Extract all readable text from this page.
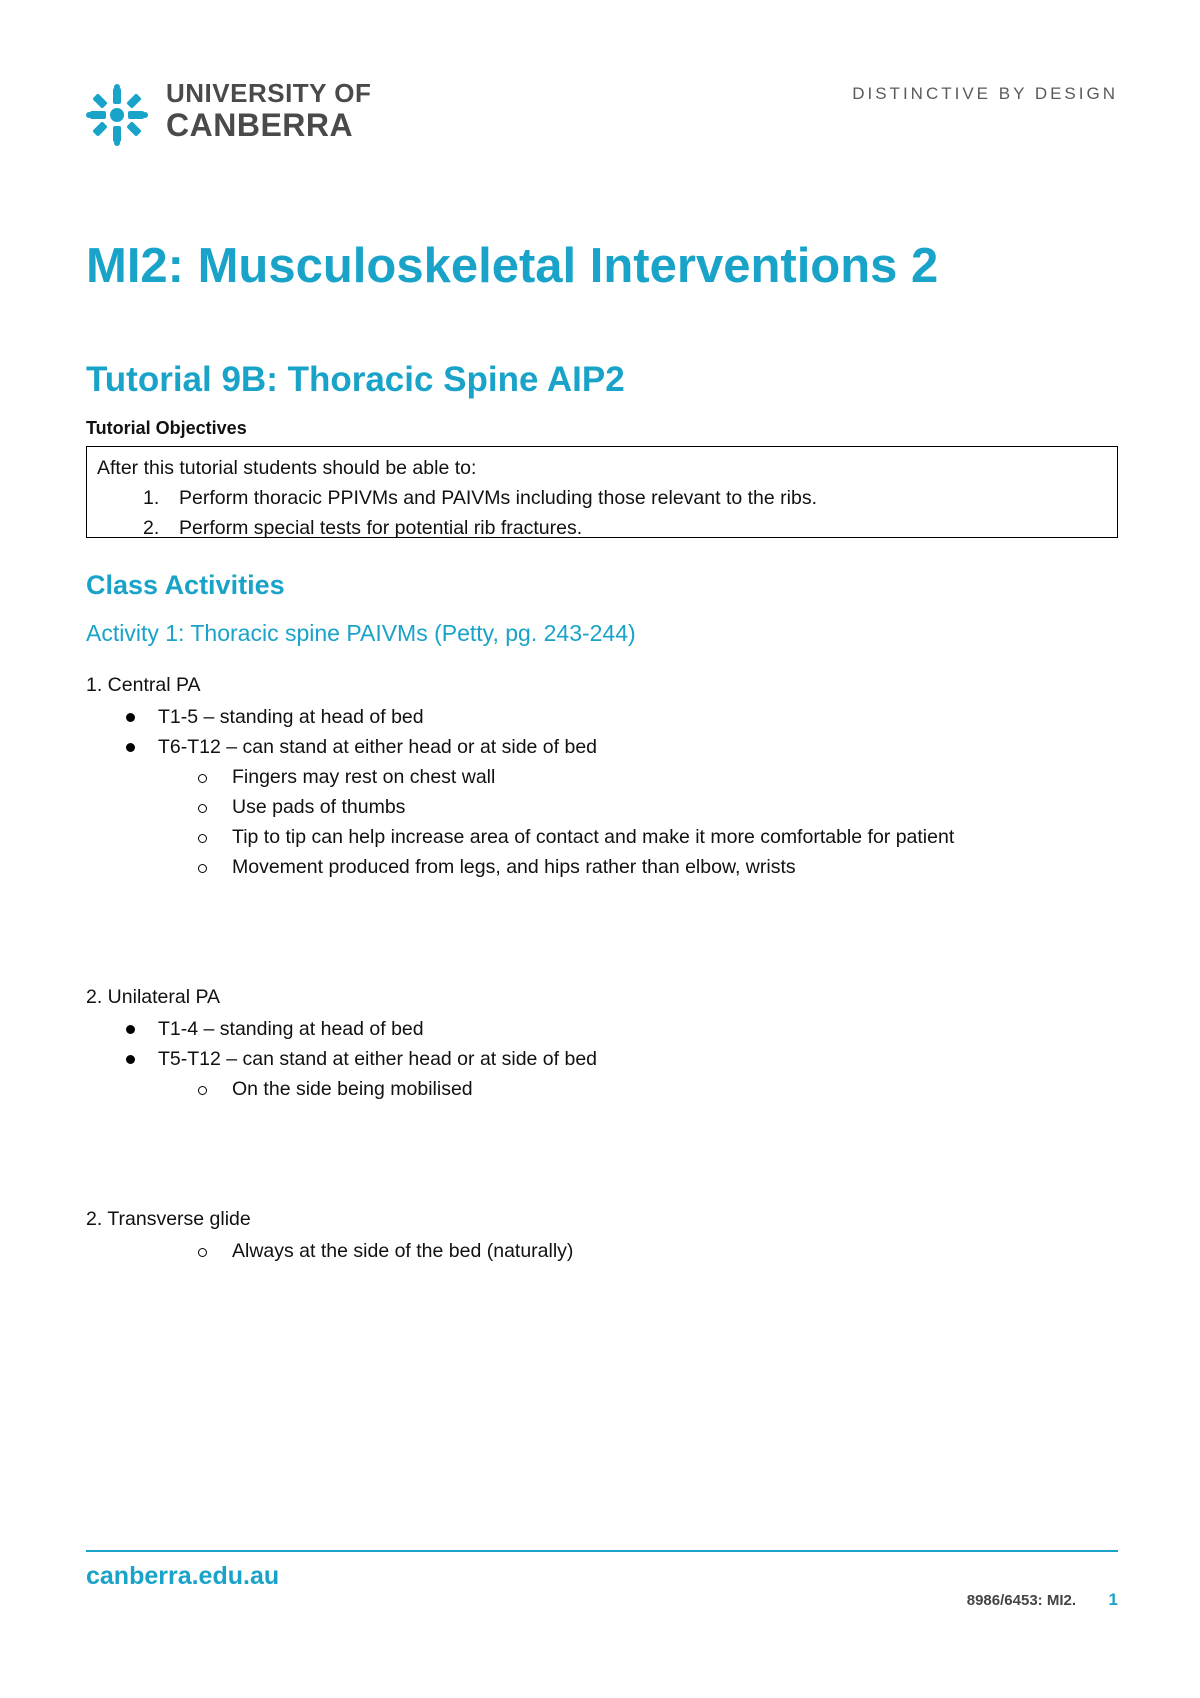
UNIVERSITY OF
CANBERRA
DISTINCTIVE BY DESIGN
MI2: Musculoskeletal Interventions 2
Tutorial 9B: Thoracic Spine AIP2
Tutorial Objectives
After this tutorial students should be able to:
1. Perform thoracic PPIVMs and PAIVMs including those relevant to the ribs.
2. Perform special tests for potential rib fractures.
Class Activities
Activity 1: Thoracic spine PAIVMs (Petty, pg. 243-244)
1. Central PA
T1-5 – standing at head of bed
T6-T12 – can stand at either head or at side of bed
Fingers may rest on chest wall
Use pads of thumbs
Tip to tip can help increase area of contact and make it more comfortable for patient
Movement produced from legs, and hips rather than elbow, wrists
2. Unilateral PA
T1-4 – standing at head of bed
T5-T12 – can stand at either head or at side of bed
On the side being mobilised
2. Transverse glide
Always at the side of the bed (naturally)
canberra.edu.au
8986/6453: MI2. 1
